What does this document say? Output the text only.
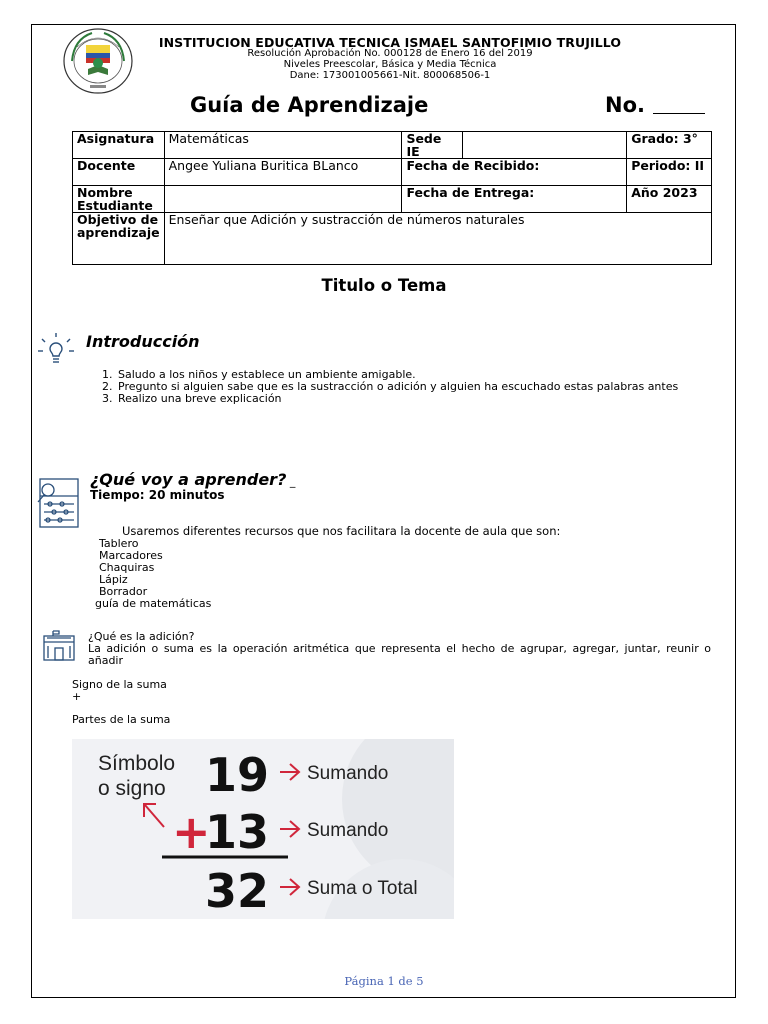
INSTITUCION EDUCATIVA TECNICA ISMAEL SANTOFIMIO TRUJILLO
Resolución Aprobación No. 000128 de Enero 16 del 2019
Niveles Preescolar, Básica y Media Técnica
Dane: 173001005661-Nit. 800068506-1
Guía de Aprendizaje	No.
Asignatura	Matemáticas	Sede IE		Grado: 3°
Docente	Angee Yuliana Buritica BLanco	Fecha de Recibido:		Periodo: II
Nombre Estudiante		Fecha de Entrega:		Año 2023
Objetivo de aprendizaje	Enseñar que Adición y sustracción de números naturales			
Titulo o Tema
Introducción
1. Saludo a los niños y establece un ambiente amigable.
2. Pregunto si alguien sabe que es la sustracción o adición y alguien ha escuchado estas palabras antes
3. Realizo una breve explicación
¿Qué voy a aprender? _
Tiempo: 20 minutos
Usaremos diferentes recursos que nos facilitara la docente de aula que son:
Tablero
Marcadores
Chaquiras
Lápiz
Borrador
guía de matemáticas
¿Qué es la adición?
La adición o suma es la operación aritmética que representa el hecho de agrupar, agregar, juntar, reunir o añadir
Signo de la suma
+
Partes de la suma
Símbolo
o signo 19
+
13
32
Sumando
Sumando
Suma o Total
Página 1 de 5
